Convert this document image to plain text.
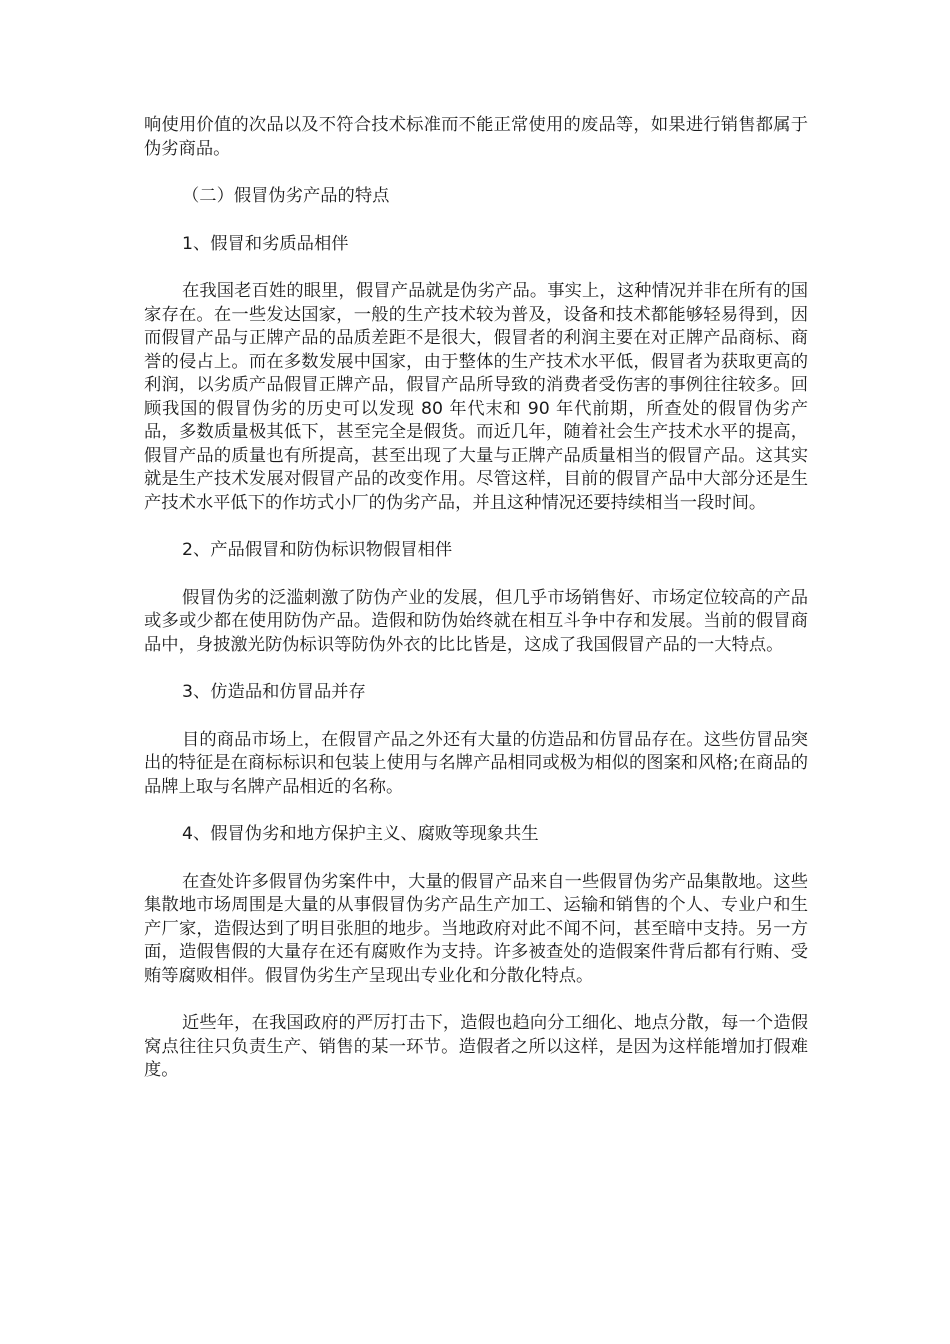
响使用价值的次品以及不符合技术标准而不能正常使用的废品等，如果进行销售都属于伪劣商品。

（二）假冒伪劣产品的特点

1、假冒和劣质品相伴

在我国老百姓的眼里，假冒产品就是伪劣产品。事实上，这种情况并非在所有的国家存在。在一些发达国家，一般的生产技术较为普及，设备和技术都能够轻易得到，因而假冒产品与正牌产品的品质差距不是很大，假冒者的利润主要在对正牌产品商标、商誉的侵占上。而在多数发展中国家，由于整体的生产技术水平低，假冒者为获取更高的利润，以劣质产品假冒正牌产品，假冒产品所导致的消费者受伤害的事例往往较多。回顾我国的假冒伪劣的历史可以发现 80 年代末和 90 年代前期，所查处的假冒伪劣产品，多数质量极其低下，甚至完全是假货。而近几年，随着社会生产技术水平的提高，假冒产品的质量也有所提高，甚至出现了大量与正牌产品质量相当的假冒产品。这其实就是生产技术发展对假冒产品的改变作用。尽管这样，目前的假冒产品中大部分还是生产技术水平低下的作坊式小厂的伪劣产品，并且这种情况还要持续相当一段时间。

2、产品假冒和防伪标识物假冒相伴

假冒伪劣的泛滥刺激了防伪产业的发展，但几乎市场销售好、市场定位较高的产品或多或少都在使用防伪产品。造假和防伪始终就在相互斗争中存和发展。当前的假冒商品中，身披激光防伪标识等防伪外衣的比比皆是，这成了我国假冒产品的一大特点。

3、仿造品和仿冒品并存

目的商品市场上，在假冒产品之外还有大量的仿造品和仿冒品存在。这些仿冒品突出的特征是在商标标识和包装上使用与名牌产品相同或极为相似的图案和风格;在商品的品牌上取与名牌产品相近的名称。

4、假冒伪劣和地方保护主义、腐败等现象共生

在查处许多假冒伪劣案件中，大量的假冒产品来自一些假冒伪劣产品集散地。这些集散地市场周围是大量的从事假冒伪劣产品生产加工、运输和销售的个人、专业户和生产厂家，造假达到了明目张胆的地步。当地政府对此不闻不问，甚至暗中支持。另一方面，造假售假的大量存在还有腐败作为支持。许多被查处的造假案件背后都有行贿、受贿等腐败相伴。假冒伪劣生产呈现出专业化和分散化特点。

近些年，在我国政府的严厉打击下，造假也趋向分工细化、地点分散，每一个造假窝点往往只负责生产、销售的某一环节。造假者之所以这样，是因为这样能增加打假难度。
